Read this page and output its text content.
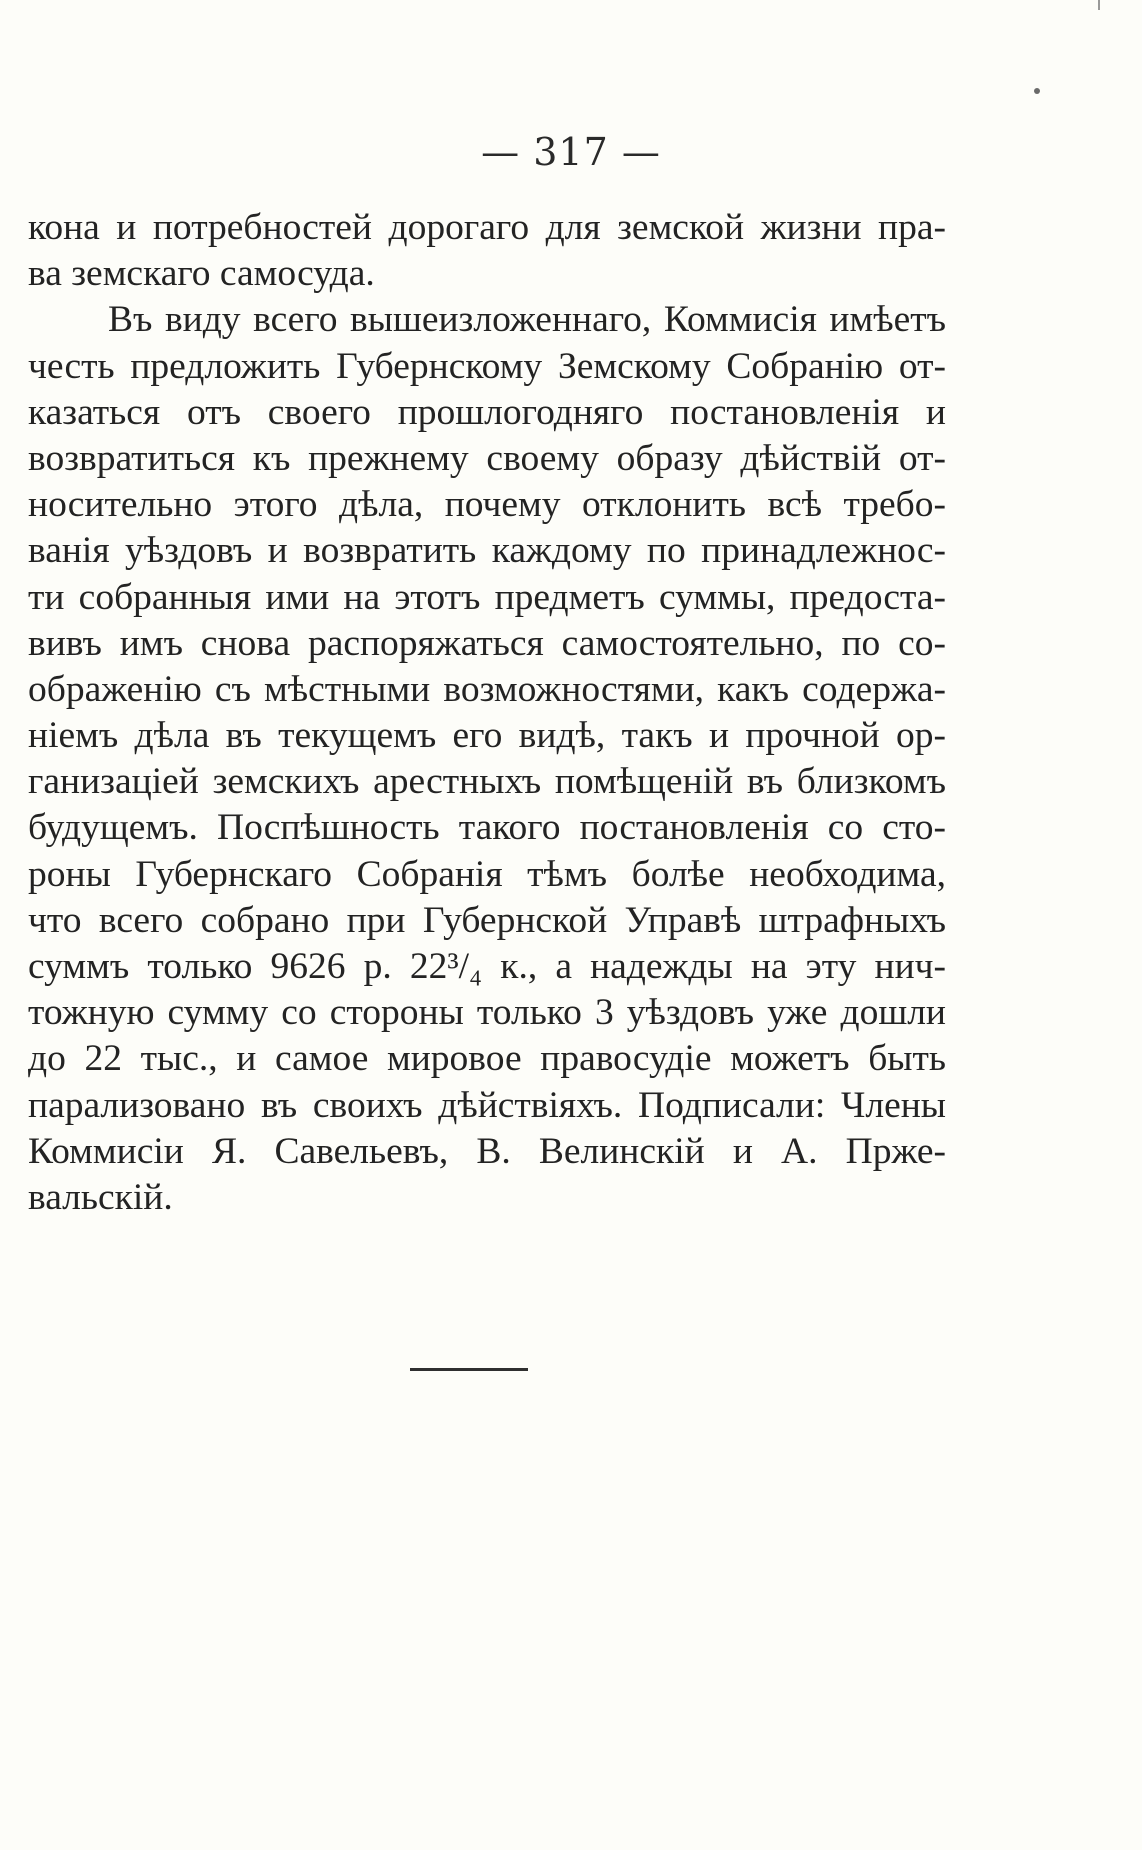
— 317 —
кона и потребностей дорогаго для земской жизни пра-
ва земскаго самосуда.
Въ виду всего вышеизложеннаго, Коммисія имѣетъ
честь предложить Губернскому Земскому Собранію от-
казаться отъ своего прошлогодняго постановленія и
возвратиться къ прежнему своему образу дѣйствій от-
носительно этого дѣла, почему отклонить всѣ требо-
ванія уѣздовъ и возвратить каждому по принадлежнос-
ти собранныя ими на этотъ предметъ суммы, предоста-
вивъ имъ снова распоряжаться самостоятельно, по со-
ображенію съ мѣстными возможностями, какъ содержа-
ніемъ дѣла въ текущемъ его видѣ, такъ и прочной ор-
ганизацiей земскихъ арестныхъ помѣщеній въ близкомъ
будущемъ. Поспѣшность такого постановленія со сто-
роны Губернскаго Собранія тѣмъ болѣе необходима,
что всего собрано при Губернской Управѣ штрафныхъ
суммъ только 9626 р. 22³/₄ к., а надежды на эту нич-
тожную сумму со стороны только 3 уѣздовъ уже дошли
до 22 тыс., и самое мировое правосудіе можетъ быть
парализовано въ своихъ дѣйствіяхъ. Подписали: Члены
Коммисіи Я. Савельевъ, В. Велинскій и А. Прже-
вальскій.
